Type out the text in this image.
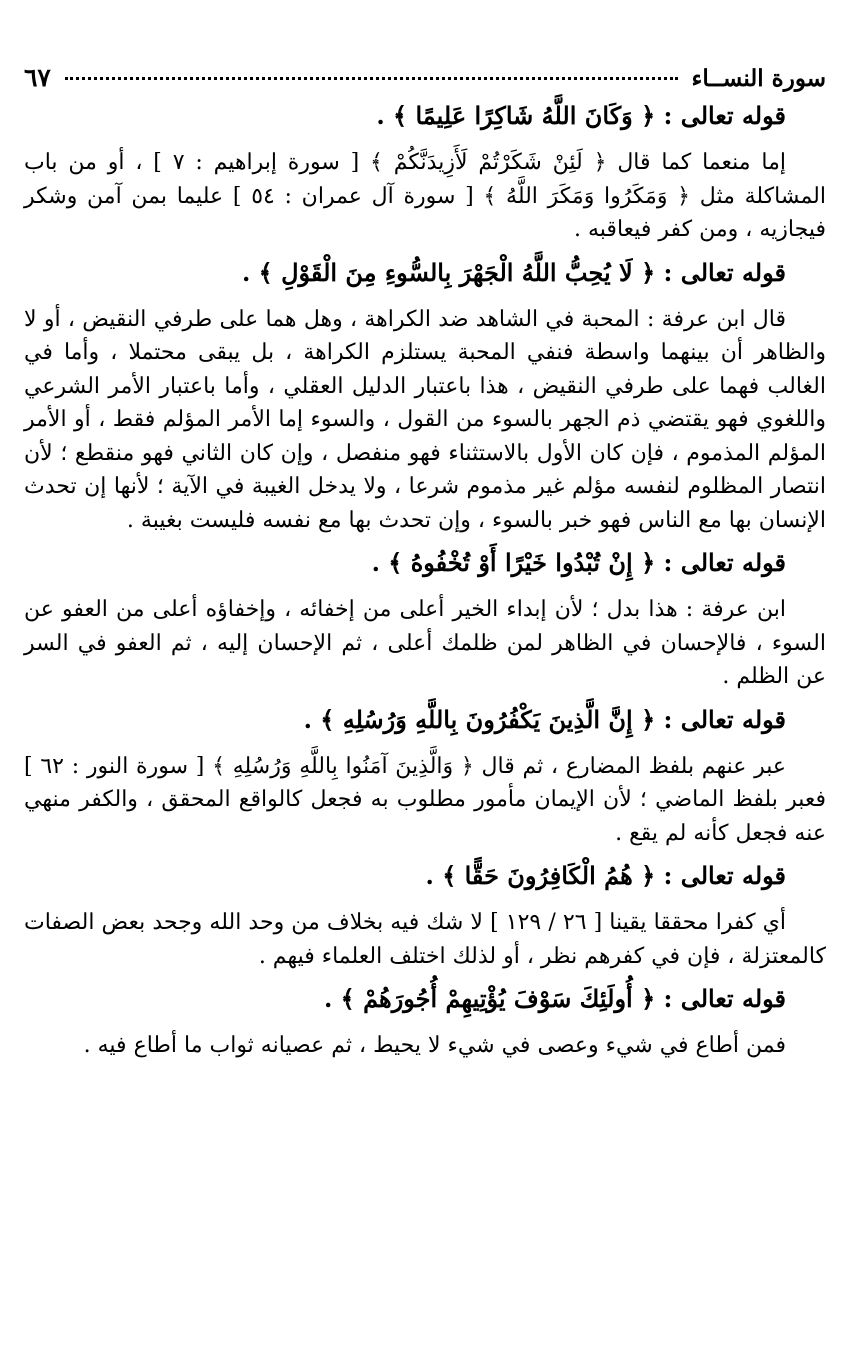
سورة النســاء
٦٧
قوله تعالى : ﴿ وَكَانَ اللَّهُ شَاكِرًا عَلِيمًا ﴾ .

إما منعما كما قال ﴿ لَئِنْ شَكَرْتُمْ لَأَزِيدَنَّكُمْ ﴾ [ سورة إبراهيم : ٧ ] ، أو من باب المشاكلة مثل ﴿ وَمَكَرُوا وَمَكَرَ اللَّهُ ﴾ [ سورة آل عمران : ٥٤ ] عليما بمن آمن وشكر فيجازيه ، ومن كفر فيعاقبه .

قوله تعالى : ﴿ لَا يُحِبُّ اللَّهُ الْجَهْرَ بِالسُّوءِ مِنَ الْقَوْلِ ﴾ .

قال ابن عرفة : المحبة في الشاهد ضد الكراهة ، وهل هما على طرفي النقيض ، أو لا والظاهر أن بينهما واسطة فنفي المحبة يستلزم الكراهة ، بل يبقى محتملا ، وأما في الغالب فهما على طرفي النقيض ، هذا باعتبار الدليل العقلي ، وأما باعتبار الأمر الشرعي واللغوي فهو يقتضي ذم الجهر بالسوء من القول ، والسوء إما الأمر المؤلم فقط ، أو الأمر المؤلم المذموم ، فإن كان الأول بالاستثناء فهو منفصل ، وإن كان الثاني فهو منقطع ؛ لأن انتصار المظلوم لنفسه مؤلم غير مذموم شرعا ، ولا يدخل الغيبة في الآية ؛ لأنها إن تحدث الإنسان بها مع الناس فهو خبر بالسوء ، وإن تحدث بها مع نفسه فليست بغيبة .

قوله تعالى : ﴿ إِنْ تُبْدُوا خَيْرًا أَوْ تُخْفُوهُ ﴾ .

ابن عرفة : هذا بدل ؛ لأن إبداء الخير أعلى من إخفائه ، وإخفاؤه أعلى من العفو عن السوء ، فالإحسان في الظاهر لمن ظلمك أعلى ، ثم الإحسان إليه ، ثم العفو في السر عن الظلم .

قوله تعالى : ﴿ إِنَّ الَّذِينَ يَكْفُرُونَ بِاللَّهِ وَرُسُلِهِ ﴾ .

عبر عنهم بلفظ المضارع ، ثم قال ﴿ وَالَّذِينَ آمَنُوا بِاللَّهِ وَرُسُلِهِ ﴾ [ سورة النور : ٦٢ ] فعبر بلفظ الماضي ؛ لأن الإيمان مأمور مطلوب به فجعل كالواقع المحقق ، والكفر منهي عنه فجعل كأنه لم يقع .

قوله تعالى : ﴿ هُمُ الْكَافِرُونَ حَقًّا ﴾ .

أي كفرا محققا يقينا [ ٢٦ / ١٢٩ ] لا شك فيه بخلاف من وحد الله وجحد بعض الصفات كالمعتزلة ، فإن في كفرهم نظر ، أو لذلك اختلف العلماء فيهم .

قوله تعالى : ﴿ أُولَئِكَ سَوْفَ يُؤْتِيهِمْ أُجُورَهُمْ ﴾ .

فمن أطاع في شيء وعصى في شيء لا يحيط ، ثم عصيانه ثواب ما أطاع فيه .
